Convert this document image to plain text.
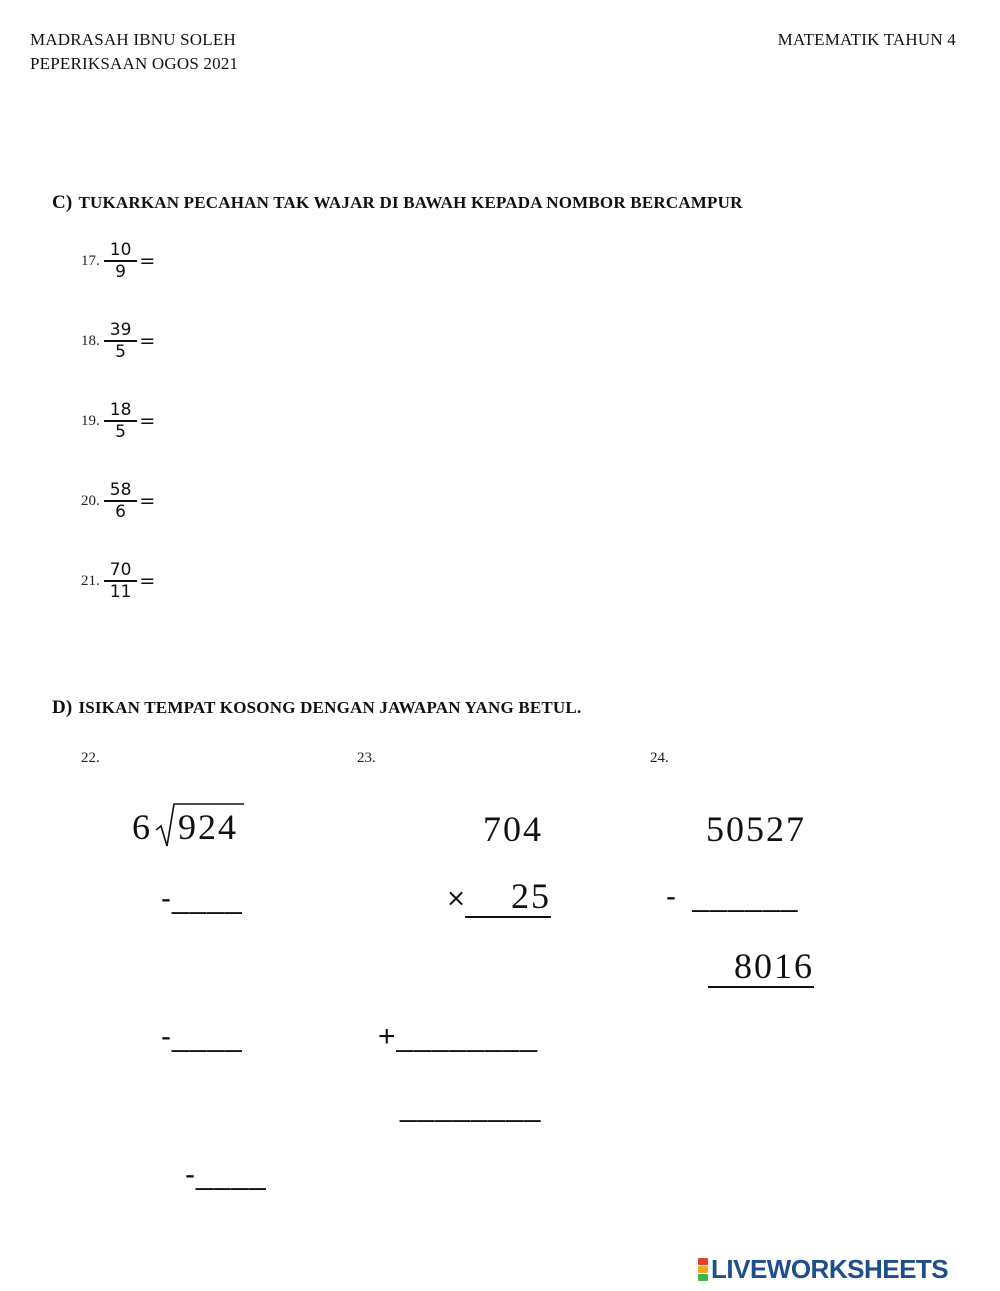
MADRASAH IBNU SOLEH
PEPERIKSAAN OGOS 2021
MATEMATIK TAHUN 4
C) TUKARKAN PECAHAN TAK WAJAR DI BAWAH KEPADA NOMBOR BERCAMPUR
17. $\frac{10}{9}$ =
18. $\frac{39}{5}$ =
19. $\frac{18}{5}$ =
20. $\frac{58}{6}$ =
21. $\frac{70}{11}$ =
D) ISIKAN TEMPAT KOSONG DENGAN JAWAPAN YANG BETUL.
22.	23.	24.
6 924
-____
-____
-____
704
×	25
+________
________
50527
- ______
8016
LIVEWORKSHEETS
